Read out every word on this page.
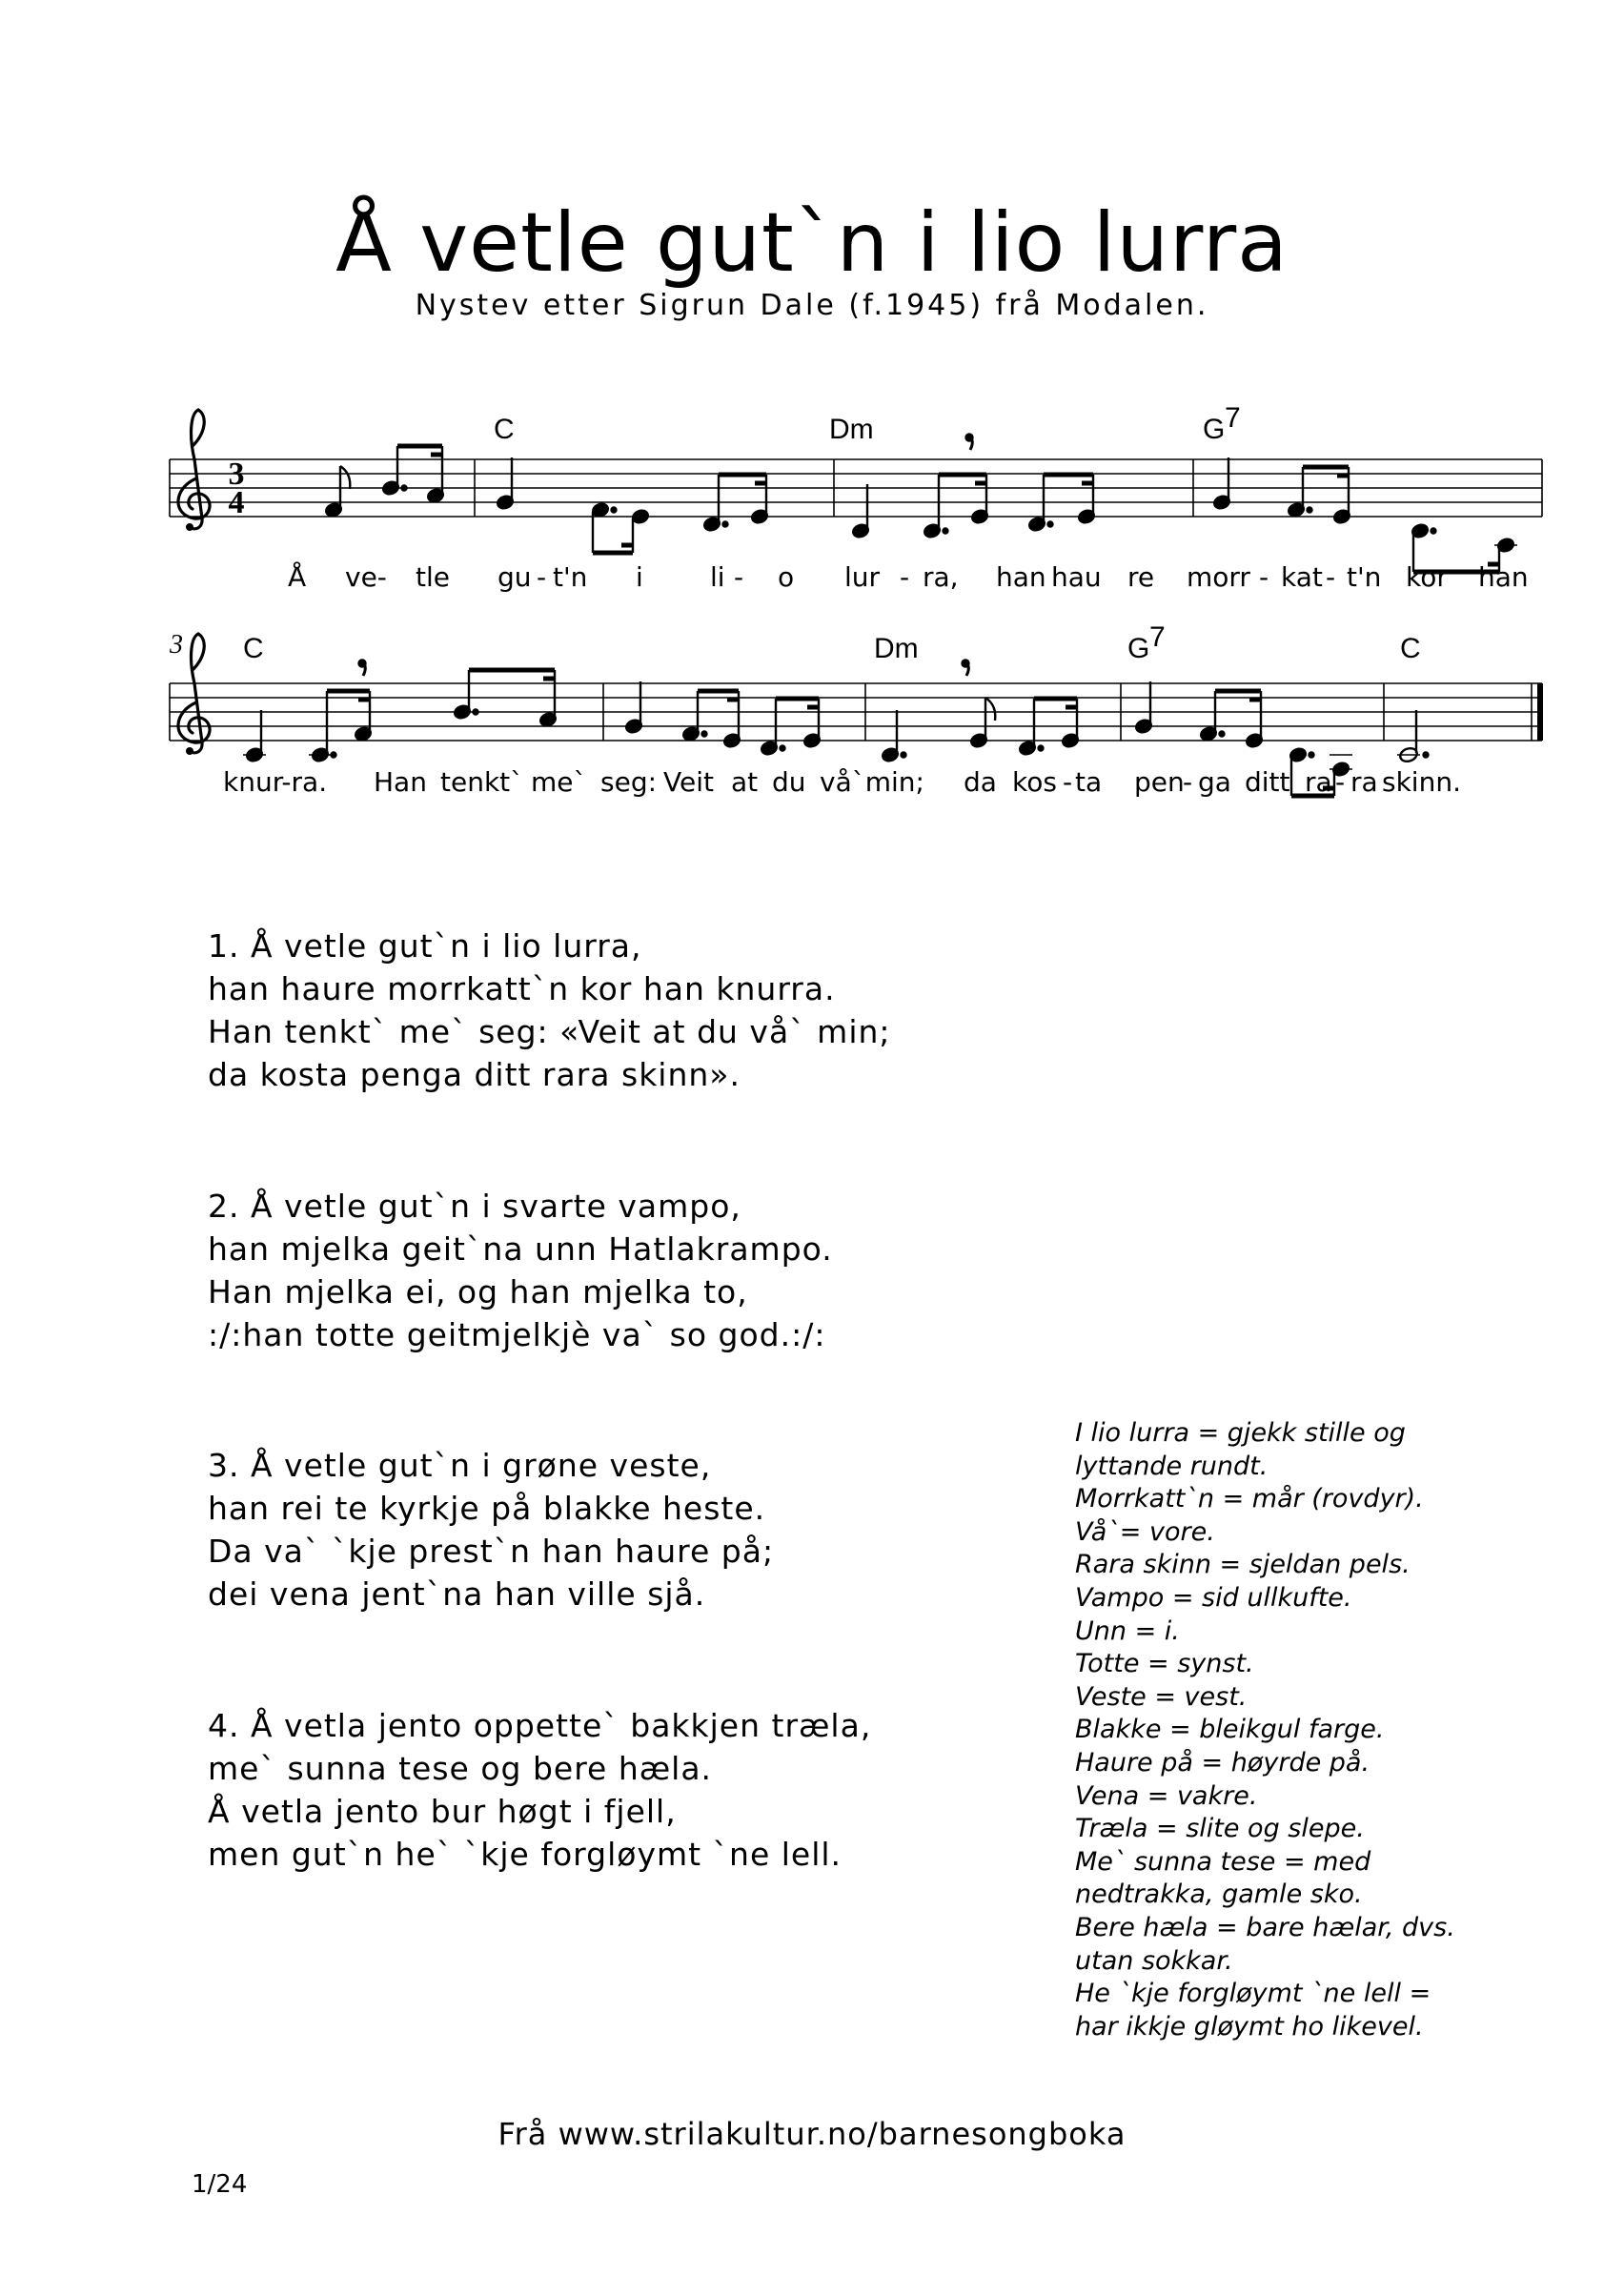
Å vetle gut`n i lio lurra
Nystev etter Sigrun Dale (f.1945) frå Modalen.
3
4
C	Dm	G 7
Å ve- tle gu - t'n i	li - o lur - ra, han hau re morr - kat - t'n kor han
3 C	Dm	G 7	C
knur-ra. Han tenkt` me` seg: Veit at du vå`min; da kos - ta pen
- ga ditt ra - ra skinn.
1. Å vetle gut`n i lio lurra,
han haure morrkatt`n kor han knurra.
Han tenkt` me` seg: «Veit at du vå` min;
da kosta penga ditt rara skinn».
2. Å vetle gut`n i svarte vampo,
han mjelka geit`na unn Hatlakrampo.
Han mjelka ei, og han mjelka to,
:/:han totte geitmjelkjè va` so god.:/:
3. Å vetle gut`n i grøne veste,
han rei te kyrkje på blakke heste.
Da va` `kje prest`n han haure på;
dei vena jent`na han ville sjå.
4. Å vetla jento oppette` bakkjen træla,
me` sunna tese og bere hæla.
Å vetla jento bur høgt i fjell,
men gut`n he` `kje forgløymt `ne lell.
I lio lurra = gjekk stille og
lyttande rundt.
Morrkatt`n = mår (rovdyr).
Vå`= vore.
Rara skinn = sjeldan pels.
Vampo = sid ullkufte.
Unn = i.
Totte = synst.
Veste = vest.
Blakke = bleikgul farge.
Haure på = høyrde på.
Vena = vakre.
Træla = slite og slepe.
Me` sunna tese = med
nedtrakka, gamle sko.
Bere hæla = bare hælar, dvs.
utan sokkar.
He `kje forgløymt `ne lell =
har ikkje gløymt ho likevel.
Frå www.strilakultur.no/barnesongboka
1/24
